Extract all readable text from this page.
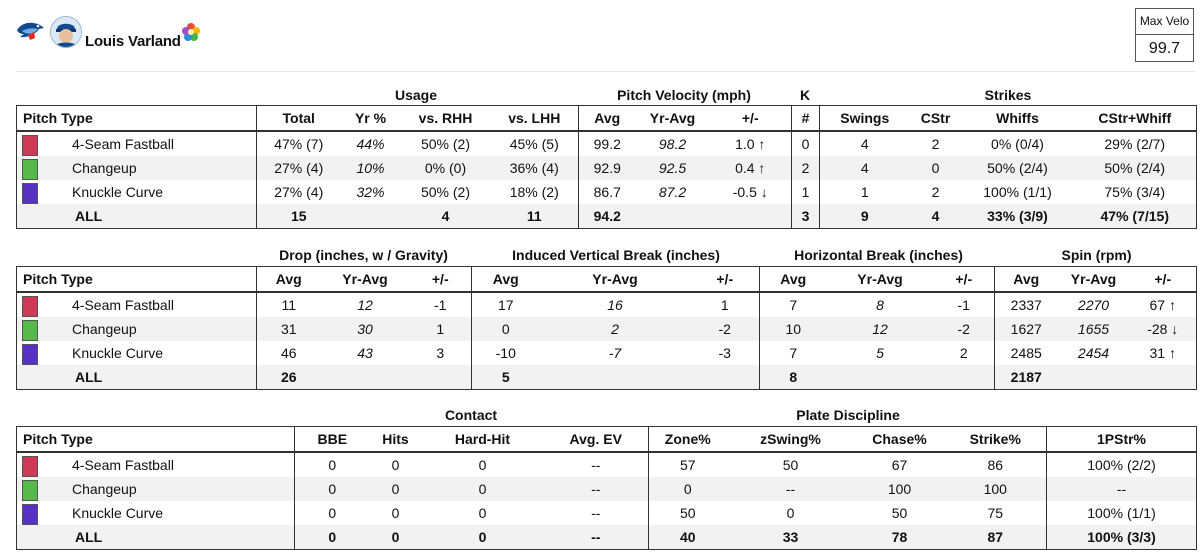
Louis Varland
Max Velo
99.7
Usage	Pitch Velocity (mph)	K	Strikes
Pitch Type	Total	Yr %	vs. RHH	vs. LHH	Avg	Yr-Avg	+/-	#	Swings	CStr	Whiffs	CStr+Whiff

4-Seam Fastball	47% (7)	44%	50% (2)	45% (5)	99.2	98.2	1.0 ↑	0	4	2	0% (0/4)	29% (2/7)

Changeup	27% (4)	10%	0% (0)	36% (4)	92.9	92.5	0.4 ↑	2	4	0	50% (2/4)	50% (2/4)

Knuckle Curve	27% (4)	32%	50% (2)	18% (2)	86.7	87.2	-0.5 ↓	1	1	2	100% (1/1)	75% (3/4)
ALL	15		4	11	94.2			3	9	4	33% (3/9)	47% (7/15)
Drop (inches, w / Gravity)	Induced Vertical Break (inches)	Horizontal Break (inches)	Spin (rpm)
Pitch Type	Avg	Yr-Avg	+/-	Avg	Yr-Avg	+/-	Avg	Yr-Avg	+/-	Avg	Yr-Avg	+/-

4-Seam Fastball	11	12	-1	17	16	1	7	8	-1	2337	2270	67 ↑

Changeup	31	30	1	0	2	-2	10	12	-2	1627	1655	-28 ↓

Knuckle Curve	46	43	3	-10	-7	-3	7	5	2	2485	2454	31 ↑
ALL	26			5			8			2187		
Contact	Plate Discipline
Pitch Type	BBE	Hits	Hard-Hit	Avg. EV	Zone%	zSwing%	Chase%	Strike%	1PStr%

4-Seam Fastball	0	0	0	--	57	50	67	86	100% (2/2)

Changeup	0	0	0	--	0	--	100	100	--

Knuckle Curve	0	0	0	--	50	0	50	75	100% (1/1)
ALL	0	0	0	--	40	33	78	87	100% (3/3)
